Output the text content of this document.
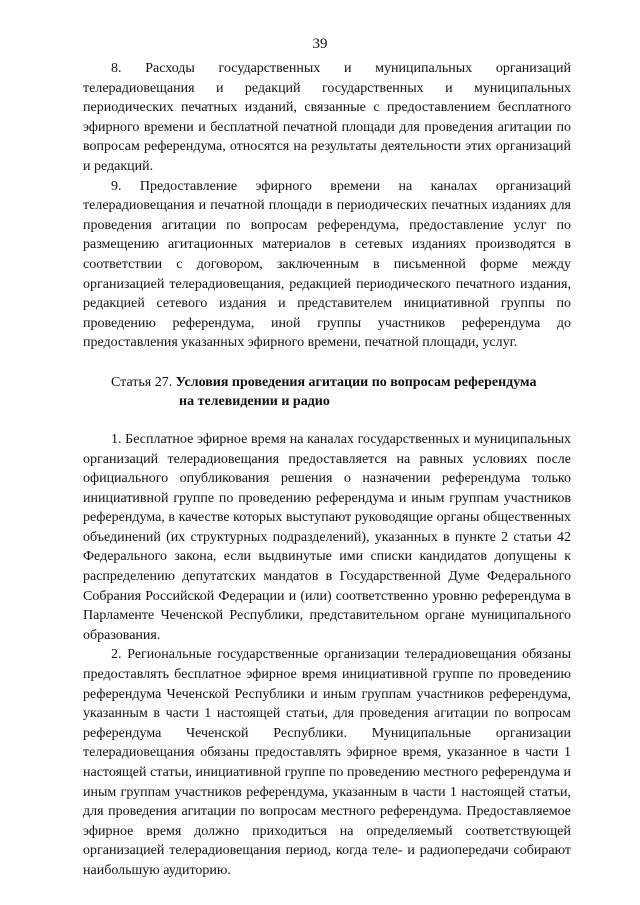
39

8. Расходы государственных и муниципальных организаций телерадиовещания и редакций государственных и муниципальных периодических печатных изданий, связанные с предоставлением бесплатного эфирного времени и бесплатной печатной площади для проведения агитации по вопросам референдума, относятся на результаты деятельности этих организаций и редакций.

9. Предоставление эфирного времени на каналах организаций телерадиовещания и печатной площади в периодических печатных изданиях для проведения агитации по вопросам референдума, предоставление услуг по размещению агитационных материалов в сетевых изданиях производятся в соответствии с договором, заключенным в письменной форме между организацией телерадиовещания, редакцией периодического печатного издания, редакцией сетевого издания и представителем инициативной группы по проведению референдума, иной группы участников референдума до предоставления указанных эфирного времени, печатной площади, услуг.

Статья 27. Условия проведения агитации по вопросам референдума
на телевидении и радио

1. Бесплатное эфирное время на каналах государственных и муниципальных организаций телерадиовещания предоставляется на равных условиях после официального опубликования решения о назначении референдума только инициативной группе по проведению референдума и иным группам участников референдума, в качестве которых выступают руководящие органы общественных объединений (их структурных подразделений), указанных в пункте 2 статьи 42 Федерального закона, если выдвинутые ими списки кандидатов допущены к распределению депутатских мандатов в Государственной Думе Федерального Собрания Российской Федерации и (или) соответственно уровню референдума в Парламенте Чеченской Республики, представительном органе муниципального образования.

2. Региональные государственные организации телерадиовещания обязаны предоставлять бесплатное эфирное время инициативной группе по проведению референдума Чеченской Республики и иным группам участников референдума, указанным в части 1 настоящей статьи, для проведения агитации по вопросам референдума Чеченской Республики. Муниципальные организации телерадиовещания обязаны предоставлять эфирное время, указанное в части 1 настоящей статьи, инициативной группе по проведению местного референдума и иным группам участников референдума, указанным в части 1 настоящей статьи, для проведения агитации по вопросам местного референдума. Предоставляемое эфирное время должно приходиться на определяемый соответствующей организацией телерадиовещания период, когда теле- и радиопередачи собирают наибольшую аудиторию.
